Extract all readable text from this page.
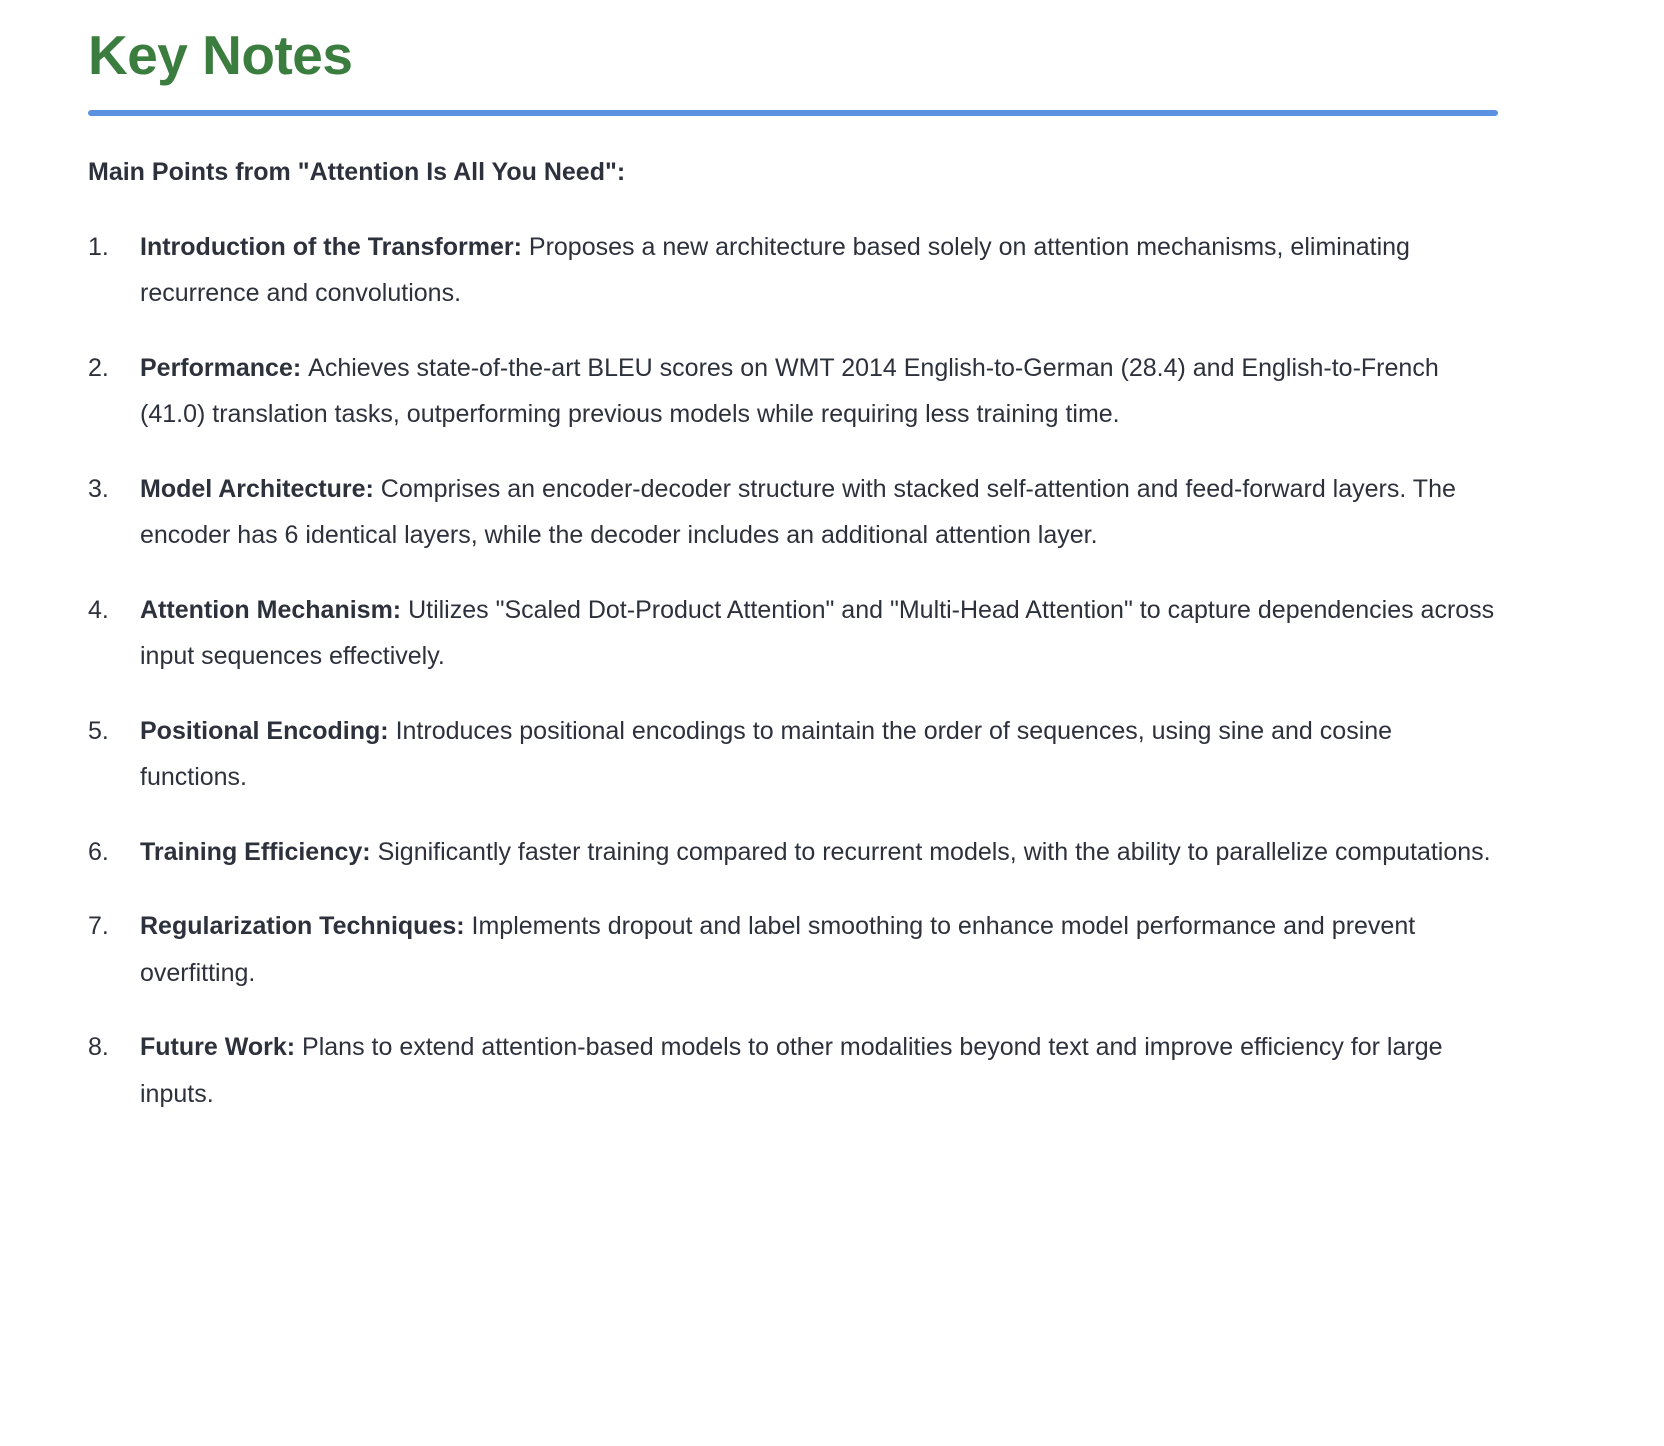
Key Notes

Main Points from "Attention Is All You Need":

1.	Introduction of the Transformer: Proposes a new architecture based solely on attention mechanisms, eliminating recurrence and convolutions.
2.	Performance: Achieves state-of-the-art BLEU scores on WMT 2014 English-to-German (28.4) and English-to-French (41.0) translation tasks, outperforming previous models while requiring less training time.
3.	Model Architecture: Comprises an encoder-decoder structure with stacked self-attention and feed-forward layers. The encoder has 6 identical layers, while the decoder includes an additional attention layer.
4.	Attention Mechanism: Utilizes "Scaled Dot-Product Attention" and "Multi-Head Attention" to capture dependencies across input sequences effectively.
5.	Positional Encoding: Introduces positional encodings to maintain the order of sequences, using sine and cosine functions.
6.	Training Efficiency: Significantly faster training compared to recurrent models, with the ability to parallelize computations.
7.	Regularization Techniques: Implements dropout and label smoothing to enhance model performance and prevent overfitting.
8.	Future Work: Plans to extend attention-based models to other modalities beyond text and improve efficiency for large inputs.
